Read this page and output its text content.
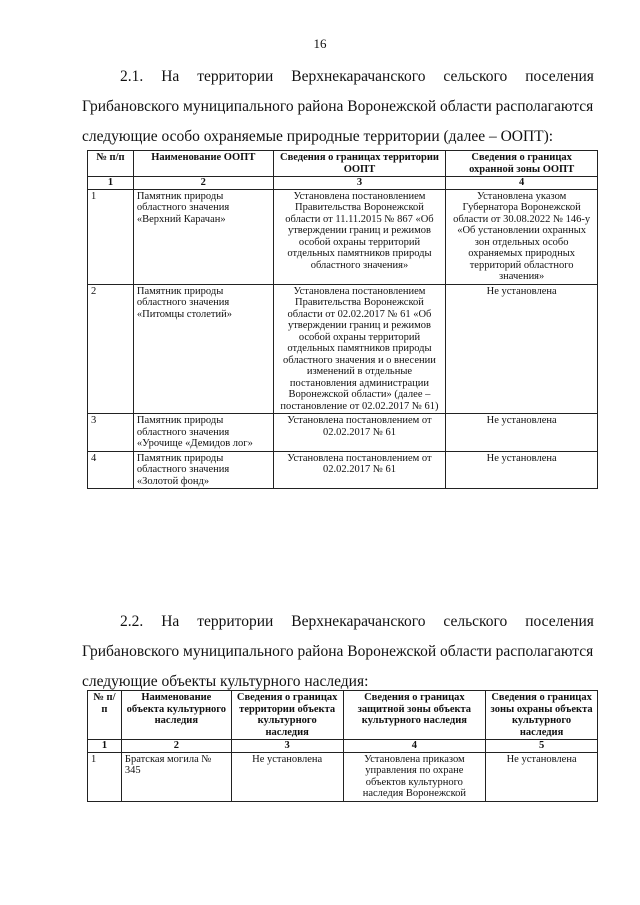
16
2.1. На территории Верхнекарачанского сельского поселения
Грибановского муниципального района Воронежской области располагаются
следующие особо охраняемые природные территории (далее – ООПТ):
№ п/п	Наименование ООПТ	Сведения о границах территории ООПТ	Сведения о границах охранной зоны ООПТ
1	2	3	4
1	Памятник природы областного значения «Верхний Карачан»	Установлена постановлением Правительства Воронежской области от 11.11.2015 № 867 «Об утверждении границ и режимов особой охраны территорий отдельных памятников природы областного значения»	Установлена указом Губернатора Воронежской области от 30.08.2022 № 146-у «Об установлении охранных зон отдельных особо охраняемых природных территорий областного значения»
2	Памятник природы областного значения «Питомцы столетий»	Установлена постановлением Правительства Воронежской области от 02.02.2017 № 61 «Об утверждении границ и режимов особой охраны территорий отдельных памятников природы областного значения и о внесении изменений в отдельные постановления администрации Воронежской области» (далее – постановление от 02.02.2017 № 61)	Не установлена
3	Памятник природы областного значения «Урочище «Демидов лог»	Установлена постановлением от 02.02.2017 № 61	Не установлена
4	Памятник природы областного значения «Золотой фонд»	Установлена постановлением от 02.02.2017 № 61	Не установлена
2.2. На территории Верхнекарачанского сельского поселения
Грибановского муниципального района Воронежской области располагаются
следующие объекты культурного наследия:
№ п/п	Наименование объекта культурного наследия	Сведения о границах территории объекта культурного наследия	Сведения о границах защитной зоны объекта культурного наследия	Сведения о границах зоны охраны объекта культурного наследия
1	2	3	4	5
1	Братская могила № 345	Не установлена	Установлена приказом управления по охране объектов культурного наследия Воронежской	Не установлена
